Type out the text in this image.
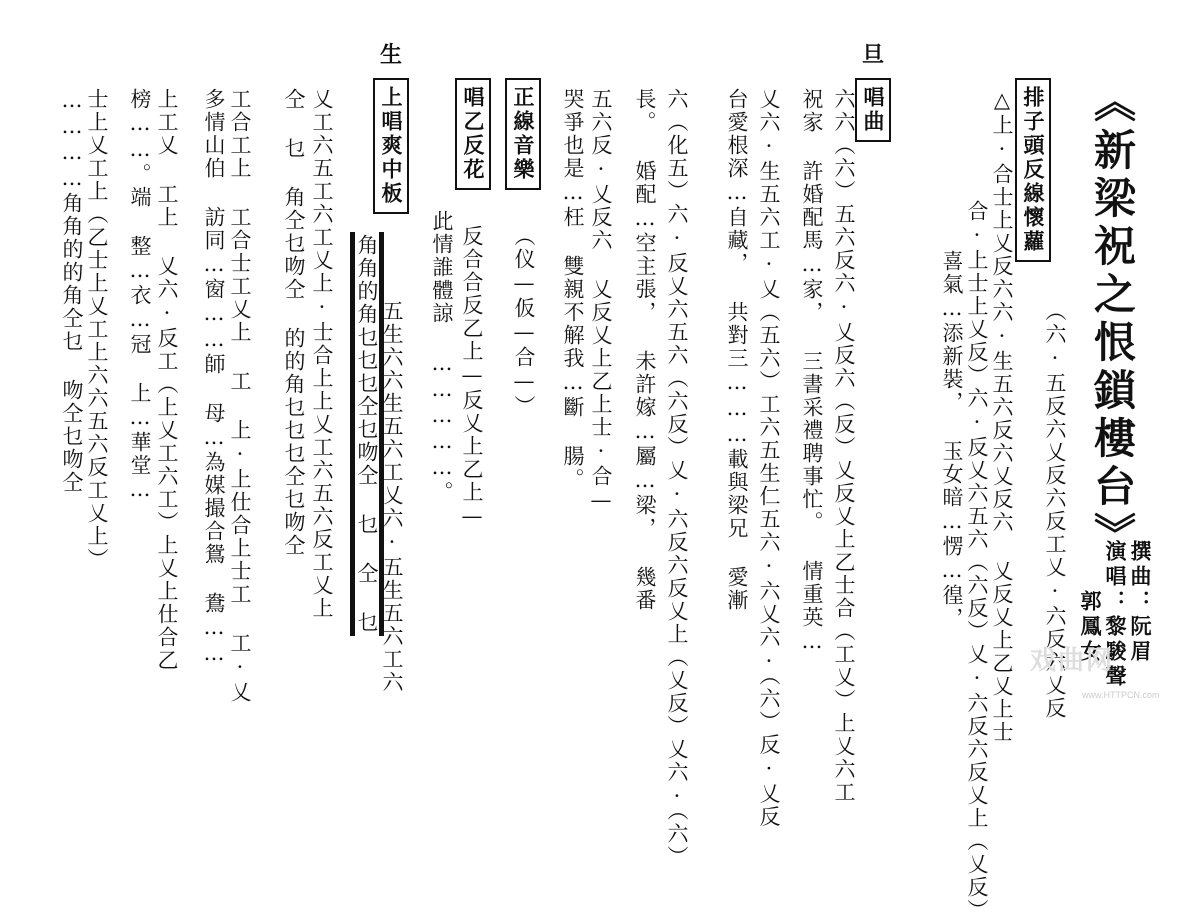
《新梁祝之恨鎖樓台》
撰曲：阮眉
演唱：黎駿聲
郭鳳女
旦
生
排子頭反線懷蘿
唱曲
正線音樂
唱乙反花
上唱爽中板
（六·五反六乂反六反工乂·六反六乂反
△上·合士上乂反六六·生五六反六乂反六 乂反乂上乙乂上士
合·上士上乂反）六·反乂六五六（六反）乂·六反六反乂上（乂反）
喜氣…添新裝， 玉女暗…愣…徨，
六六（六）五六反六·乂反六（反）乂反乂上乙士合（工乂）上乂六工
祝家 許婚配馬…家， 三書采禮聘事忙。 情重英…
乂六·生五六工·乂（五六）工六五生仁五六·六乂六·（六）反·乂反
台愛根深…自藏， 共對三………載與梁兄 愛漸
六（化五）六·反乂六五六（六反）乂·六反六反乂上（乂反）乂六·（六）
長。 婚配…空主張， 未許嫁…屬…梁， 幾番
五六反·乂反六 乂反乂上乙上士·合—
哭爭也是…枉 雙親不解我…斷 腸。
（仪—仮—合—）
反合合反乙上—反乂上乙上—
此情誰體諒 ……………。
五生六六生五六工乂六·五生五六工六
角角的角乜乜乜仝乜吻仝 乜 仝 乜
乂工六五工六工乂上·士合上上乂工六五六反工乂上
仝 乜 角仝乜吻仝 的的角乜乜乜仝乜吻仝
工合工上 工合士工乂上 工 上·上仕合上士工 工·乂
多情山伯 訪同…窗……師 母…為媒撮合鴛 鴦……
上工乂 工上 乂六·反工（上乂工六工）上乂上仕合乙
榜……。端 整…衣…冠 上…華堂…
士上乂工上（乙士上乂工上六六五六反工乂上）
…………角角的的角仝乜 吻仝乜吻仝
戏曲网
www.HTTPCN.com
